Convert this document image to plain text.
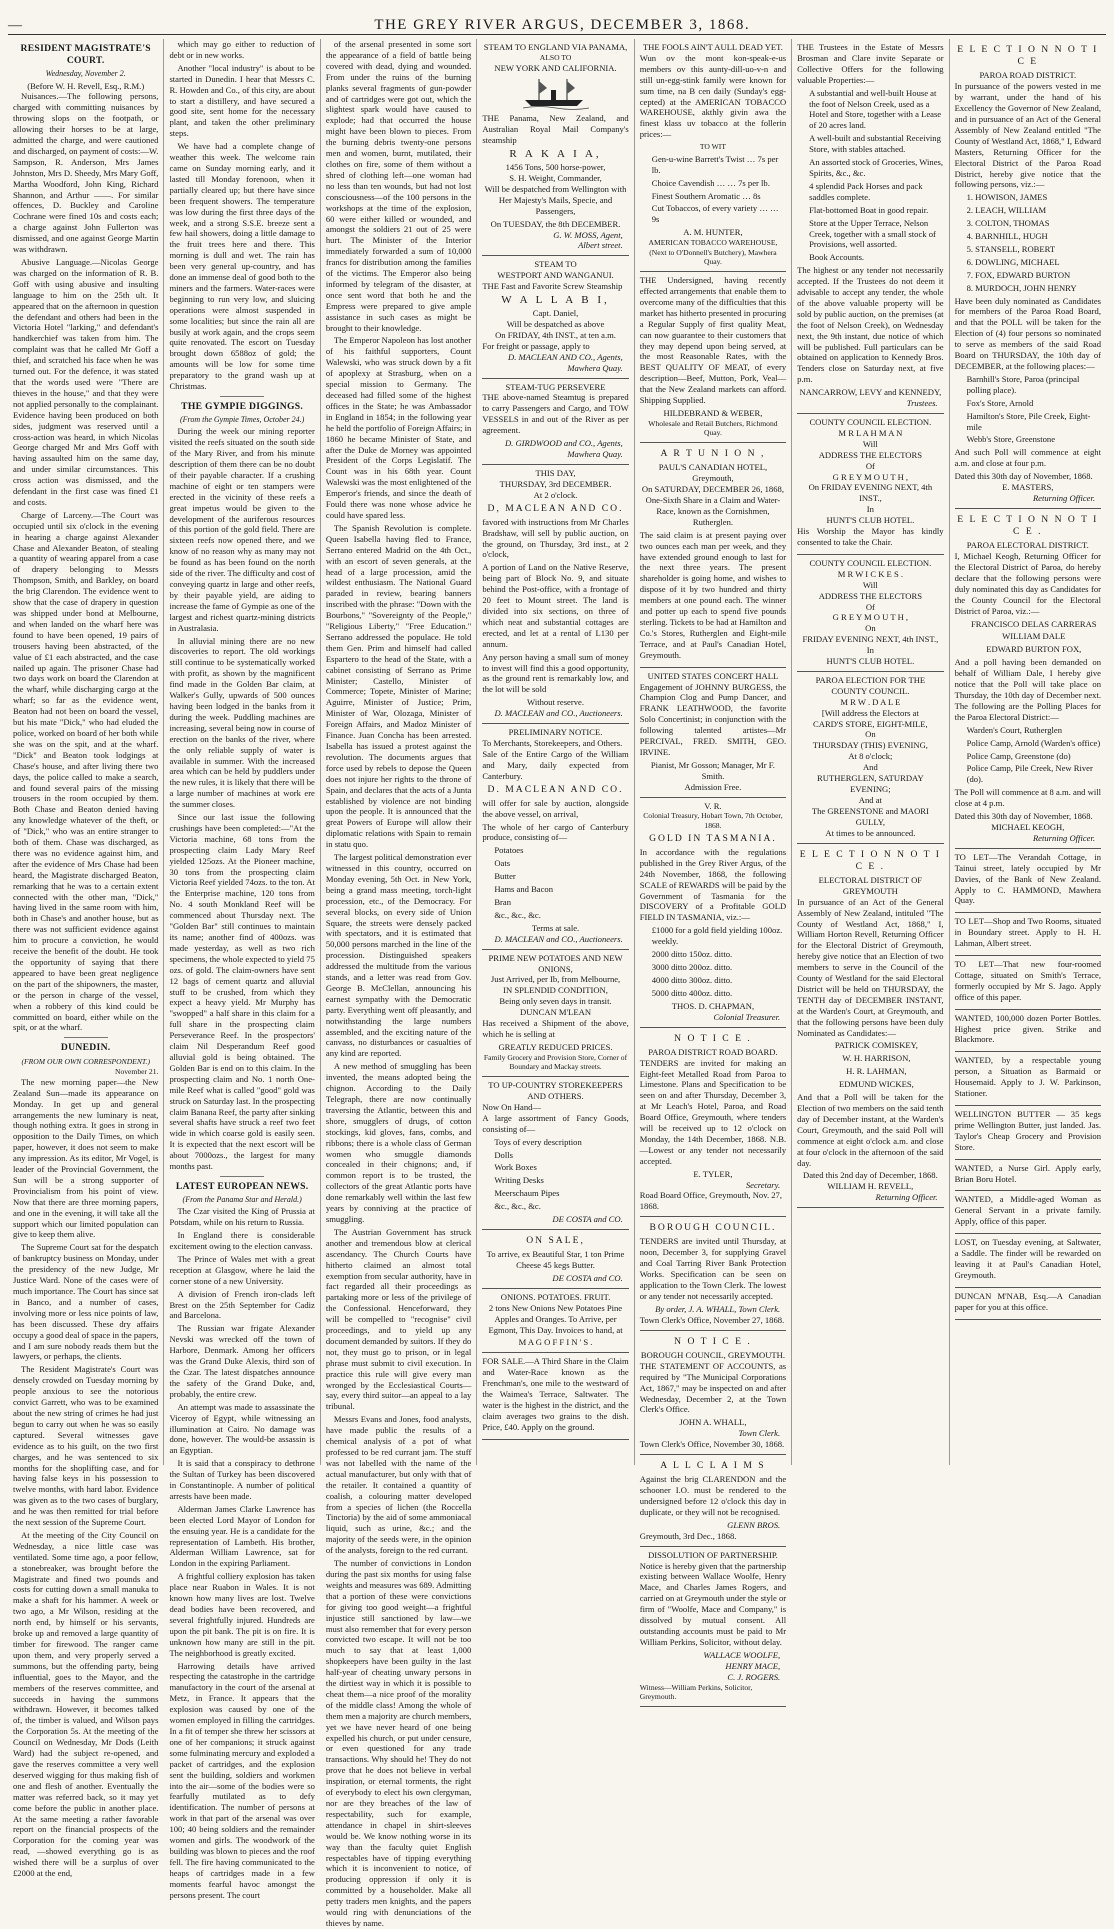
—	THE GREY RIVER ARGUS, DECEMBER 3, 1868.

RESIDENT MAGISTRATE'S COURT.
Wednesday, November 2.
(Before W. H. Revell, Esq., R.M.)

Nuisances.—The following persons, charged with committing nuisances by throwing slops on the footpath, or allowing their horses to be at large, admitted the charge, and were cautioned and discharged, on payment of costs:—W. Sampson, R. Anderson, Mrs James Johnston, Mrs D. Sheedy, Mrs Mary Goff, Martha Woodford, John King, Richard Shannon, and Arthur ——. For similar offences, D. Buckley and Caroline Cochrane were fined 10s and costs each; a charge against John Fullerton was dismissed, and one against George Martin was withdrawn.

Abusive Language.—Nicolas George was charged on the information of R. B. Goff with using abusive and insulting language to him on the 25th ult. It appeared that on the afternoon in question the defendant and others had been in the Victoria Hotel "larking," and defendant's handkerchief was taken from him. The complaint was that he called Mr Goff a thief, and scratched his face when he was turned out. For the defence, it was stated that the words used were "There are thieves in the house," and that they were not applied personally to the complainant. Evidence having been produced on both sides, judgment was reserved until a cross-action was heard, in which Nicolas George charged Mr and Mrs Goff with having assaulted him on the same day, and under similar circumstances. This cross action was dismissed, and the defendant in the first case was fined £1 and costs.

Charge of Larceny.—The Court was occupied until six o'clock in the evening in hearing a charge against Alexander Chase and Alexander Beaton, of stealing a quantity of wearing apparel from a case of drapery belonging to Messrs Thompson, Smith, and Barkley, on board the brig Clarendon. The evidence went to show that the case of drapery in question was shipped under bond at Melbourne, and when landed on the wharf here was found to have been opened, 19 pairs of trousers having been abstracted, of the value of £1 each abstracted, and the case nailed up again. The prisoner Chase had two days work on board the Clarendon at the wharf, while discharging cargo at the wharf; so far as the evidence went, Beaton had not been on board the vessel, but his mate "Dick," who had eluded the police, worked on board of her both while she was on the spit, and at the wharf. "Dick" and Beaton took lodgings at Chase's house, and after living there two days, the police called to make a search, and found several pairs of the missing trousers in the room occupied by them. Both Chase and Beaton denied having any knowledge whatever of the theft, or of "Dick," who was an entire stranger to both of them. Chase was discharged, as there was no evidence against him, and after the evidence of Mrs Chase had been heard, the Magistrate discharged Beaton, remarking that he was to a certain extent connected with the other man, "Dick," having lived in the same room with him, both in Chase's and another house, but as there was not sufficient evidence against him to procure a conviction, he would receive the benefit of the doubt. He took the opportunity of saying that there appeared to have been great negligence on the part of the shipowners, the master, or the person in charge of the vessel, when a robbery of this kind could be committed on board, either while on the spit, or at the wharf.

DUNEDIN.
(FROM OUR OWN CORRESPONDENT.)
November 21.

The new morning paper—the New Zealand Sun—made its appearance on Monday. In get up and general arrangements the new luminary is neat, though nothing extra. It goes in strong in opposition to the Daily Times, on which paper, however, it does not seem to make any impression. As its editor, Mr Vogel, is leader of the Provincial Government, the Sun will be a strong supporter of Provincialism from his point of view. Now that there are three morning papers, and one in the evening, it will take all the support which our limited population can give to keep them alive.

The Supreme Court sat for the despatch of bankruptcy business on Monday, under the presidency of the new Judge, Mr Justice Ward. None of the cases were of much importance. The Court has since sat in Banco, and a number of cases, involving more or less nice points of law, has been discussed. These dry affairs occupy a good deal of space in the papers, and I am sure nobody reads them but the lawyers, or perhaps, the clients.

The Resident Magistrate's Court was densely crowded on Tuesday morning by people anxious to see the notorious convict Garrett, who was to be examined about the new string of crimes he had just begun to carry out when he was so easily captured. Several witnesses gave evidence as to his guilt, on the two first charges, and he was sentenced to six months for the shoplifting case, and for having false keys in his possession to twelve months, with hard labor. Evidence was given as to the two cases of burglary, and he was then remitted for trial before the next session of the Supreme Court.

At the meeting of the City Council on Wednesday, a nice little case was ventilated. Some time ago, a poor fellow, a stonebreaker, was brought before the Magistrate and fined two pounds and costs for cutting down a small manuka to make a shaft for his hammer. A week or two ago, a Mr Wilson, residing at the north end, by himself or his servants, broke up and removed a large quantity of timber for firewood. The ranger came upon them, and very properly served a summons, but the offending party, being influential, goes to the Mayor, and the members of the reserves committee, and succeeds in having the summons withdrawn. However, it becomes talked of, the timber is valued, and Wilson pays the Corporation 5s. At the meeting of the Council on Wednesday, Mr Dods (Leith Ward) had the subject re-opened, and gave the reserves committee a very well deserved wigging for thus making fish of one and flesh of another. Eventually the matter was referred back, so it may yet come before the public in another place. At the same meeting a rather favorable report on the financial prospects of the Corporation for the coming year was read, —showed everything go is as wished there will be a surplus of over £2000 at the end,

which may go either to reduction of debt or in new works.

Another "local industry" is about to be started in Dunedin. I hear that Messrs C. R. Howden and Co., of this city, are about to start a distillery, and have secured a good site, sent home for the necessary plant, and taken the other preliminary steps.

We have had a complete change of weather this week. The welcome rain came on Sunday morning early, and it lasted till Monday forenoon, when it partially cleared up; but there have since been frequent showers. The temperature was low during the first three days of the week, and a strong S.S.E. breeze sent a few hail showers, doing a little damage to the fruit trees here and there. This morning is dull and wet. The rain has been very general up-country, and has done an immense deal of good both to the miners and the farmers. Water-races were beginning to run very low, and sluicing operations were almost suspended in some localities; but since the rain all are busily at work again, and the crops seem quite renovated. The escort on Tuesday brought down 6588oz of gold; the amounts will be low for some time preparatory to the grand wash up at Christmas.

THE GYMPIE DIGGINGS.
(From the Gympie Times, October 24.)

During the week our mining reporter visited the reefs situated on the south side of the Mary River, and from his minute description of them there can be no doubt of their payable character. If a crushing machine of eight or ten stampers were erected in the vicinity of these reefs a great impetus would be given to the development of the auriferous resources of this portion of the gold field. There are sixteen reefs now opened there, and we know of no reason why as many may not be found as has been found on the north side of the river. The difficulty and cost of conveying quartz in large and other reefs, by their payable yield, are aiding to increase the fame of Gympie as one of the largest and richest quartz-mining districts in Australasia.

In alluvial mining there are no new discoveries to report. The old workings still continue to be systematically worked with profit, as shown by the magnificent find made in the Golden Bar claim, at Walker's Gully, upwards of 500 ounces having been lodged in the banks from it during the week. Puddling machines are increasing, several being now in course of erection on the banks of the river, where the only reliable supply of water is available in summer. With the increased area which can be held by puddlers under the new rules, it is likely that there will be a large number of machines at work ere the summer closes.

Since our last issue the following crushings have been completed:—"At the Victoria machine, 68 tons from the prospecting claim Lady Mary Reef yielded 125ozs. At the Pioneer machine, 30 tons from the prospecting claim Victoria Reef yielded 74ozs. to the ton. At the Enterprise machine, 120 tons from No. 4 south Monkland Reef will be commenced about Thursday next. The "Golden Bar" still continues to maintain its name; another find of 400ozs. was made yesterday, as well as two rich specimens, the whole expected to yield 75 ozs. of gold. The claim-owners have sent 12 bags of cement quartz and alluvial stuff to be crushed, from which they expect a heavy yield. Mr Murphy has "swopped" a half share in this claim for a full share in the prospecting claim Perseverance Reef. In the prospectors' claim Nil Desperandum Reef good alluvial gold is being obtained. The Golden Bar is end on to this claim. In the prospecting claim and No. 1 north One-mile Reef what is called "good" gold was struck on Saturday last. In the prospecting claim Banana Reef, the party after sinking several shafts have struck a reef two feet wide in which coarse gold is easily seen. It is expected that the next escort will be about 7000ozs., the largest for many months past.

LATEST EUROPEAN NEWS.
(From the Panama Star and Herald.)

The Czar visited the King of Prussia at Potsdam, while on his return to Russia.

In England there is considerable excitement owing to the election canvass.

The Prince of Wales met with a great reception at Glasgow, where he laid the corner stone of a new University.

A division of French iron-clads left Brest on the 25th September for Cadiz and Barcelona.

The Russian war frigate Alexander Nevski was wrecked off the town of Harbore, Denmark. Among her officers was the Grand Duke Alexis, third son of the Czar. The latest dispatches announce the safety of the Grand Duke, and, probably, the entire crew.

An attempt was made to assassinate the Viceroy of Egypt, while witnessing an illumination at Cairo. No damage was done, however. The would-be assassin is an Egyptian.

It is said that a conspiracy to dethrone the Sultan of Turkey has been discovered in Constantinople. A number of political arrests have been made.

Alderman James Clarke Lawrence has been elected Lord Mayor of London for the ensuing year. He is a candidate for the representation of Lambeth. His brother, Alderman William Lawrence, sat for London in the expiring Parliament.

A frightful colliery explosion has taken place near Ruabon in Wales. It is not known how many lives are lost. Twelve dead bodies have been recovered, and several frightfully injured. Hundreds are upon the pit bank. The pit is on fire. It is unknown how many are still in the pit. The neighborhood is greatly excited.

Harrowing details have arrived respecting the catastrophe in the cartridge manufactory in the court of the arsenal at Metz, in France. It appears that the explosion was caused by one of the women employed in filling the cartridges. In a fit of temper she threw her scissors at one of her companions; it struck against some fulminating mercury and exploded a packet of cartridges, and the explosion sent the building, soldiers and workmen into the air—some of the bodies were so fearfully mutilated as to defy identification. The number of persons at work in that part of the arsenal was over 100; 40 being soldiers and the remainder women and girls. The woodwork of the building was blown to pieces and the roof fell. The fire having communicated to the heaps of cartridges made in a few moments fearful havoc amongst the persons present. The court

of the arsenal presented in some sort the appearance of a field of battle being covered with dead, dying and wounded. From under the ruins of the burning planks several fragments of gun-powder and of cartridges were got out, which the slightest spark would have caused to explode; had that occurred the house might have been blown to pieces. From the burning debris twenty-one persons men and women, burnt, mutilated, their clothes on fire, some of them without a shred of clothing left—one woman had no less than ten wounds, but had not lost consciousness—of the 100 persons in the workshops at the time of the explosion, 60 were either killed or wounded, and amongst the soldiers 21 out of 25 were hurt. The Minister of the Interior immediately forwarded a sum of 10,000 francs for distribution among the families of the victims. The Emperor also being informed by telegram of the disaster, at once sent word that both he and the Empress were prepared to give ample assistance in such cases as might be brought to their knowledge.

The Emperor Napoleon has lost another of his faithful supporters, Count Walewski, who was struck down by a fit of apoplexy at Strasburg, when on a special mission to Germany. The deceased had filled some of the highest offices in the State; he was Ambassador in England in 1854; in the following year he held the portfolio of Foreign Affairs; in 1860 he became Minister of State, and after the Duke de Morney was appointed President of the Corps Legislatif. The Count was in his 68th year. Count Walewski was the most enlightened of the Emperor's friends, and since the death of Fould there was none whose advice he could have spared less.

The Spanish Revolution is complete. Queen Isabella having fled to France, Serrano entered Madrid on the 4th Oct., with an escort of seven generals, at the head of a large procession, amid the wildest enthusiasm. The National Guard paraded in review, bearing banners inscribed with the phrase: "Down with the Bourbons," "Sovereignty of the People," "Religious Liberty," "Free Education." Serrano addressed the populace. He told them Gen. Prim and himself had called Espartero to the head of the State, with a cabinet consisting of Serrano as Prime Minister; Castello, Minister of Commerce; Topete, Minister of Marine; Aguirre, Minister of Justice; Prim, Minister of War, Olozaga, Minister of Foreign Affairs, and Madoz Minister of Finance. Juan Concha has been arrested. Isabella has issued a protest against the revolution. The documents argues that force used by rebels to depose the Queen does not injure her rights to the throne of Spain, and declares that the acts of a Junta established by violence are not binding upon the people. It is announced that the great Powers of Europe will allow their diplomatic relations with Spain to remain in statu quo.

The largest political demonstration ever witnessed in this country, occurred on Monday evening, 5th Oct. in New York, being a grand mass meeting, torch-light procession, etc., of the Democracy. For several blocks, on every side of Union Square, the streets were densely packed with spectators, and it is estimated that 50,000 persons marched in the line of the procession. Distinguished speakers addressed the multitude from the various stands, and a letter was read from Gov. George B. McClellan, announcing his earnest sympathy with the Democratic party. Everything went off pleasantly, and notwithstanding the large numbers assembled, and the exciting nature of the canvass, no disturbances or casualties of any kind are reported.

A new method of smuggling has been invented, the means adopted being the chignon. According to the Daily Telegraph, there are now continually traversing the Atlantic, between this and shore, smugglers of drugs, of cotton stockings, kid gloves, fans, combs, and ribbons; there is a whole class of German women who smuggle diamonds concealed in their chignons; and, if common report is to be trusted, the collectors of the great Atlantic ports have done remarkably well within the last few years by conniving at the practice of smuggling.

The Austrian Government has struck another and tremendous blow at clerical ascendancy. The Church Courts have hitherto claimed an almost total exemption from secular authority, have in fact regarded all their proceedings as partaking more or less of the privilege of the Confessional. Henceforward, they will be compelled to "recognise" civil proceedings, and to yield up any document demanded by suitors. If they do not, they must go to prison, or in legal phrase must submit to civil execution. In practice this rule will give every man wronged by the Ecclesiastical Courts—say, every third suitor—an appeal to a lay tribunal.

Messrs Evans and Jones, food analysts, have made public the results of a chemical analysis of a pot of what professed to be red currant jam. The stuff was not labelled with the name of the actual manufacturer, but only with that of the retailer. It contained a quantity of coalish, a colouring matter developed from a species of lichen (the Roccella Tinctoria) by the aid of some ammoniacal liquid, such as urine, &c.; and the majority of the seeds were, in the opinion of the analysts, foreign to the red currant.

The number of convictions in London during the past six months for using false weights and measures was 689. Admitting that a portion of these were convictions for giving too good weight—a frightful injustice still sanctioned by law—we must also remember that for every person convicted two escape. It will not be too much to say that at least 1,000 shopkeepers have been guilty in the last half-year of cheating unwary persons in the dirtiest way in which it is possible to cheat them—a nice proof of the morality of the middle class! Among the whole of them men a majority are church members, yet we have never heard of one being expelled his church, or put under censure, or even questioned for any trade transactions. Why should he! They do not prove that he does not believe in verbal inspiration, or eternal torments, the right of everybody to elect his own clergyman, nor are they breaches of the law of respectability, such for example, attendance in chapel in shirt-sleeves would be. We know nothing worse in its way than the faculty quiet English respectables have of tipping everything which it is inconvenient to notice, of producing oppression if only it is committed by a householder. Make all petty traders men knights, and the papers would ring with denunciations of the thieves by name.

STEAM TO ENGLAND VIA PANAMA,
ALSO TO
NEW YORK AND CALIFORNIA.

THE Panama, New Zealand, and Australian Royal Mail Company's steamship

R A K A I A,
1456 Tons, 500 horse-power,
S. H. Weight, Commander,

Will be despatched from Wellington with Her Majesty's Mails, Specie, and Passengers,

On TUESDAY, the 8th DECEMBER.
G. W. MOSS, Agent,
Albert street.
STEAM TO
WESTPORT AND WANGANUI.

THE Fast and Favorite Screw Steamship

W A L L A B I,
Capt. Daniel,
Will be despatched as above
On FRIDAY, 4th INST., at ten a.m.
For freight or passage, apply to
D. MACLEAN AND CO., Agents, Mawhera Quay.
STEAM-TUG PERSEVERE

THE above-named Steamtug is prepared to carry Passengers and Cargo, and TOW VESSELS in and out of the River as per agreement.

D. GIRDWOOD and CO., Agents, Mawhera Quay.
THIS DAY,
THURSDAY, 3rd DECEMBER.
At 2 o'clock.
D, MACLEAN AND CO.

favored with instructions from Mr Charles Bradshaw, will sell by public auction, on the ground, on Thursday, 3rd inst., at 2 o'clock,

A portion of Land on the Native Reserve, being part of Block No. 9, and situate behind the Post-office, with a frontage of 20 feet to Mount street. The land is divided into six sections, on three of which neat and substantial cottages are erected, and let at a rental of L130 per annum.

Any person having a small sum of money to invest will find this a good opportunity, as the ground rent is remarkably low, and the lot will be sold

Without reserve.
D. MACLEAN and CO., Auctioneers.
PRELIMINARY NOTICE.
To Merchants, Storekeepers, and Others.

Sale of the Entire Cargo of the William and Mary, daily expected from Canterbury.

D. MACLEAN AND CO.

will offer for sale by auction, alongside the above vessel, on arrival,

The whole of her cargo of Canterbury produce, consisting of—

Potatoes
Oats
Butter
Hams and Bacon
Bran
&c., &c., &c.
Terms at sale.
D. MACLEAN and CO., Auctioneers.
PRIME NEW POTATOES AND NEW ONIONS,
Just Arrived, per Ib, from Melbourne,
IN SPLENDID CONDITION,
Being only seven days in transit.
DUNCAN M'LEAN

Has received a Shipment of the above, which he is selling at

GREATLY REDUCED PRICES.
Family Grocery and Provision Store, Corner of Boundary and Mackay streets.
TO UP-COUNTRY STOREKEEPERS AND OTHERS.
Now On Hand—

A large assortment of Fancy Goods, consisting of—

Toys of every description
Dolls
Work Boxes
Writing Desks
Meerschaum Pipes
&c., &c., &c.
DE COSTA and CO.
ON SALE,

To arrive, ex Beautiful Star, 1 ton Prime Cheese 45 kegs Butter.

DE COSTA and CO.
ONIONS. POTATOES. FRUIT.

2 tons New Onions New Potatoes Pine Apples and Oranges. To Arrive, per Egmont, This Day. Invoices to hand, at

M A G O F F I N ' S .

FOR SALE.—A Third Share in the Claim and Water-Race known as the Frenchman's, one mile to the westward of the Waimea's Terrace, Saltwater. The water is the highest in the district, and the claim averages two grains to the dish. Price, £40. Apply on the ground.

THE FOOLS AIN'T AULL DEAD YET.

Wun ov the mont kon-speak-e-us members ov this aunty-dill-uo-v-n and still un-egg-stink family were known for sum time, na B cen daily (Sunday's egg-cepted) at the AMERICAN TOBACCO WAREHOUSE, akthly givin awa the finest klass uv tobacco at the follerin prices:—

TO WIT
Gen-u-wine Barrett's Twist … 7s per lb.
Choice Cavendish … … 7s per lb.
Finest Southern Aromatic … 8s
Cut Tobaccos, of every variety … … 9s
A. M. HUNTER,
AMERICAN TOBACCO WAREHOUSE, (Next to O'Donnell's Butchery), Mawhera Quay.

THE Undersigned, having recently effected arrangements that enable them to overcome many of the difficulties that this market has hitherto presented in procuring a Regular Supply of first quality Meat, can now guarantee to their customers that they may depend upon being served, at the most Reasonable Rates, with the BEST QUALITY OF MEAT, of every description—Beef, Mutton, Pork, Veal—that the New Zealand markets can afford. Shipping Supplied.

HILDEBRAND & WEBER,
Wholesale and Retail Butchers, Richmond Quay.
A R T U N I O N ,
PAUL'S CANADIAN HOTEL, Greymouth,
On SATURDAY, DECEMBER 26, 1868,

One-Sixth Share in a Claim and Water-Race, known as the Cornishmen, Rutherglen.

The said claim is at present paying over two ounces each man per week, and they have extended ground enough to last for the next three years. The present shareholder is going home, and wishes to dispose of it by two hundred and thirty members at one pound each. The winner and potter up each to spend five pounds sterling. Tickets to be had at Hamilton and Co.'s Stores, Rutherglen and Eight-mile Terrace, and at Paul's Canadian Hotel, Greymouth.

UNITED STATES CONCERT HALL

Engagement of JOHNNY BURGESS, the Champion Clog and Pump Dancer, and FRANK LEATHWOOD, the favorite Solo Concertinist; in conjunction with the following talented artistes—Mr PERCIVAL, FRED. SMITH, GEO. IRVINE.

Pianist, Mr Gosson; Manager, Mr F. Smith.
Admission Free.
V. R.
Colonial Treasury, Hobart Town, 7th October, 1868.
GOLD IN TASMANIA.

In accordance with the regulations published in the Grey River Argus, of the 24th November, 1868, the following SCALE of REWARDS will be paid by the Government of Tasmania for the DISCOVERY of a Profitable GOLD FIELD IN TASMANIA, viz.:—

£1000 for a gold field yielding 100oz. weekly.
2000 ditto 150oz. ditto.
3000 ditto 200oz. ditto.
4000 ditto 300oz. ditto.
5000 ditto 400oz. ditto.
THOS. D. CHAPMAN,
Colonial Treasurer.
N O T I C E .
PAROA DISTRICT ROAD BOARD.

TENDERS are invited for making an Eight-feet Metalled Road from Paroa to Limestone. Plans and Specification to be seen on and after Thursday, December 3, at Mr Leach's Hotel, Paroa, and Road Board Office, Greymouth, where tenders will be received up to 12 o'clock on Monday, the 14th December, 1868. N.B.—Lowest or any tender not necessarily accepted.

E. TYLER,
Secretary.
Road Board Office, Greymouth, Nov. 27, 1868.
BOROUGH COUNCIL.

TENDERS are invited until Thursday, at noon, December 3, for supplying Gravel and Coal Tarring River Bank Protection Works. Specification can be seen on application to the Town Clerk. The lowest or any tender not necessarily accepted.

By order, J. A. WHALL, Town Clerk.
Town Clerk's Office, November 27, 1868.
N O T I C E .
BOROUGH COUNCIL, GREYMOUTH.

THE STATEMENT OF ACCOUNTS, as required by "The Municipal Corporations Act, 1867," may be inspected on and after Wednesday, December 2, at the Town Clerk's Office.

JOHN A. WHALL,
Town Clerk.
Town Clerk's Office, November 30, 1868.
A L L C L A I M S

Against the brig CLARENDON and the schooner I.O. must be rendered to the undersigned before 12 o'clock this day in duplicate, or they will not be recognised.

GLENN BROS.
Greymouth, 3rd Dec., 1868.
DISSOLUTION OF PARTNERSHIP.

Notice is hereby given that the partnership existing between Wallace Woolfe, Henry Mace, and Charles James Rogers, and carried on at Greymouth under the style or firm of "Woolfe, Mace and Company," is dissolved by mutual consent. All outstanding accounts must be paid to Mr William Perkins, Solicitor, without delay.

WALLACE WOOLFE,
HENRY MACE,
C. J. ROGERS.
Witness—William Perkins, Solicitor, Greymouth.

THE Trustees in the Estate of Messrs Brosman and Clare invite Separate or Collective Offers for the following valuable Properties:—

A substantial and well-built House at the foot of Nelson Creek, used as a Hotel and Store, together with a Lease of 20 acres land.
A well-built and substantial Receiving Store, with stables attached.
An assorted stock of Groceries, Wines, Spirits, &c., &c.
4 splendid Pack Horses and pack saddles complete.
Flat-bottomed Boat in good repair.
Store at the Upper Terrace, Nelson Creek, together with a small stock of Provisions, well assorted.
Book Accounts.

The highest or any tender not necessarily accepted. If the Trustees do not deem it advisable to accept any tender, the whole of the above valuable property will be sold by public auction, on the premises (at the foot of Nelson Creek), on Wednesday next, the 9th instant, due notice of which will be published. Full particulars can be obtained on application to Kennedy Bros. Tenders close on Saturday next, at five p.m.

NANCARROW, LEVY and KENNEDY,
Trustees.
COUNTY COUNCIL ELECTION.
M R L A H M A N
Will
ADDRESS THE ELECTORS
Of
G R E Y M O U T H ,
On FRIDAY EVENING NEXT, 4th INST.,
In
HUNT'S CLUB HOTEL.

His Worship the Mayor has kindly consented to take the Chair.

COUNTY COUNCIL ELECTION.
M R W I C K E S .
Will
ADDRESS THE ELECTORS
Of
G R E Y M O U T H ,
On
FRIDAY EVENING NEXT, 4th INST.,
In
HUNT'S CLUB HOTEL.
PAROA ELECTION FOR THE COUNTY COUNCIL.
M R W . D A L E
[Will address the Electors at
CARD'S STORE, EIGHT-MILE,
On
THURSDAY (THIS) EVENING,
At 8 o'clock;
And
RUTHERGLEN, SATURDAY EVENING;
And at
The GREENSTONE and MAORI GULLY,
At times to be announced.
E L E C T I O N N O T I C E .
ELECTORAL DISTRICT OF GREYMOUTH

In pursuance of an Act of the General Assembly of New Zealand, intituled "The County of Westland Act, 1868," I, William Horton Revell, Returning Officer for the Electoral District of Greymouth, hereby give notice that an Election of two members to serve in the Council of the County of Westland for the said Electoral District will be held on THURSDAY, the TENTH day of DECEMBER INSTANT, at the Warden's Court, at Greymouth, and that the following persons have been duly Nominated as Candidates:—

PATRICK COMISKEY,
W. H. HARRISON,
H. R. LAHMAN,
EDMUND WICKES,

And that a Poll will be taken for the Election of two members on the said tenth day of December instant, at the Warden's Court, Greymouth, and the said Poll will commence at eight o'clock a.m. and close at four o'clock in the afternoon of the said day.

Dated this 2nd day of December, 1868.
WILLIAM H. REVELL,
Returning Officer.
E L E C T I O N N O T I C E
PAROA ROAD DISTRICT.

In pursuance of the powers vested in me by warrant, under the hand of his Excellency the Governor of New Zealand, and in pursuance of an Act of the General Assembly of New Zealand entitled "The County of Westland Act, 1868," I, Edward Masters, Returning Officer for the Electoral District of the Paroa Road District, hereby give notice that the following persons, viz.:—

1. HOWISON, JAMES
2. LEACH, WILLIAM
3. COLTON, THOMAS
4. BARNHILL, HUGH
5. STANSELL, ROBERT
6. DOWLING, MICHAEL
7. FOX, EDWARD BURTON
8. MURDOCH, JOHN HENRY

Have been duly nominated as Candidates for members of the Paroa Road Board, and that the POLL will be taken for the Election of (4) four persons so nominated to serve as members of the said Road Board on THURSDAY, the 10th day of DECEMBER, at the following places:—

Barnhill's Store, Paroa (principal polling place).
Fox's Store, Arnold
Hamilton's Store, Pile Creek, Eight-mile
Webb's Store, Greenstone

And such Poll will commence at eight a.m. and close at four p.m.

Dated this 30th day of November, 1868.
E. MASTERS,
Returning Officer.
E L E C T I O N N O T I C E .
PAROA ELECTORAL DISTRICT.

I, Michael Keogh, Returning Officer for the Electoral District of Paroa, do hereby declare that the following persons were duly nominated this day as Candidates for the County Council for the Electoral District of Paroa, viz.:—

FRANCISCO DELAS CARRERAS
WILLIAM DALE
EDWARD BURTON FOX,

And a poll having been demanded on behalf of William Dale, I hereby give notice that the Poll will take place on Thursday, the 10th day of December next. The following are the Polling Places for the Paroa Electoral District:—

Warden's Court, Rutherglen
Police Camp, Arnold (Warden's office)
Police Camp, Greenstone (do)
Police Camp, Pile Creek, New River (do).

The Poll will commence at 8 a.m. and will close at 4 p.m.

Dated this 30th day of November, 1868.
MICHAEL KEOGH,
Returning Officer.

TO LET—The Verandah Cottage, in Tainui street, lately occupied by Mr Davies, of the Bank of New Zealand. Apply to C. HAMMOND, Mawhera Quay.

TO LET—Shop and Two Rooms, situated in Boundary street. Apply to H. H. Lahman, Albert street.

TO LET—That new four-roomed Cottage, situated on Smith's Terrace, formerly occupied by Mr S. Jago. Apply office of this paper.

WANTED, 100,000 dozen Porter Bottles. Highest price given. Strike and Blackmore.

WANTED, by a respectable young person, a Situation as Barmaid or Housemaid. Apply to J. W. Parkinson, Stationer.

WELLINGTON BUTTER — 35 kegs prime Wellington Butter, just landed. Jas. Taylor's Cheap Grocery and Provision Store.

WANTED, a Nurse Girl. Apply early, Brian Boru Hotel.

WANTED, a Middle-aged Woman as General Servant in a private family. Apply, office of this paper.

LOST, on Tuesday evening, at Saltwater, a Saddle. The finder will be rewarded on leaving it at Paul's Canadian Hotel, Greymouth.

DUNCAN M'NAB, Esq.—A Canadian paper for you at this office.
